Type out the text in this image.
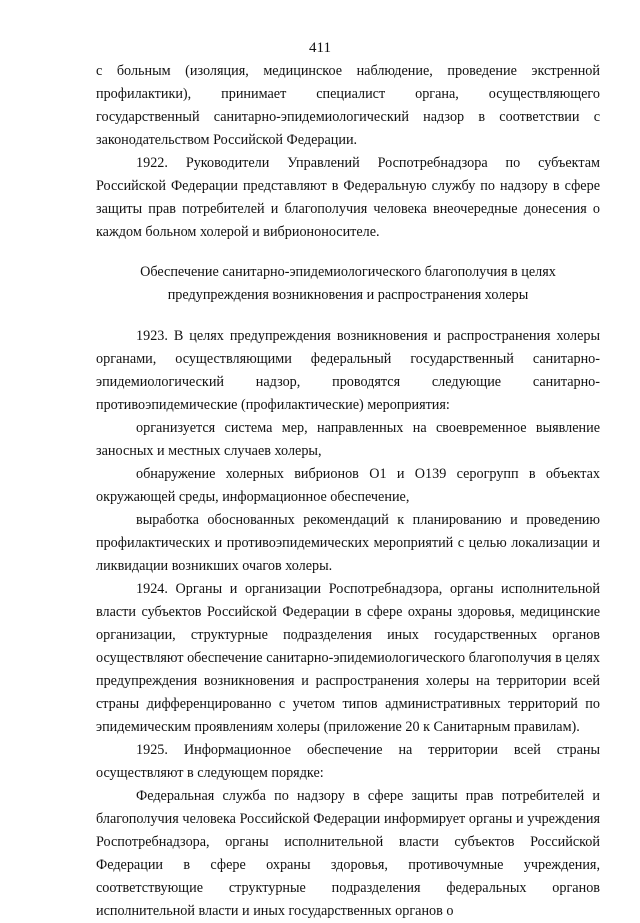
411

с больным (изоляция, медицинское наблюдение, проведение экстренной профилактики), принимает специалист органа, осуществляющего государственный санитарно-эпидемиологический надзор в соответствии с законодательством Российской Федерации.

1922. Руководители Управлений Роспотребнадзора по субъектам Российской Федерации представляют в Федеральную службу по надзору в сфере защиты прав потребителей и благополучия человека внеочередные донесения о каждом больном холерой и вибриононосителе.

Обеспечение санитарно-эпидемиологического благополучия в целях предупреждения возникновения и распространения холеры

1923. В целях предупреждения возникновения и распространения холеры органами, осуществляющими федеральный государственный санитарно-эпидемиологический надзор, проводятся следующие санитарно-противоэпидемические (профилактические) мероприятия:

организуется система мер, направленных на своевременное выявление заносных и местных случаев холеры,

обнаружение холерных вибрионов О1 и О139 серогрупп в объектах окружающей среды, информационное обеспечение,

выработка обоснованных рекомендаций к планированию и проведению профилактических и противоэпидемических мероприятий с целью локализации и ликвидации возникших очагов холеры.

1924. Органы и организации Роспотребнадзора, органы исполнительной власти субъектов Российской Федерации в сфере охраны здоровья, медицинские организации, структурные подразделения иных государственных органов осуществляют обеспечение санитарно-эпидемиологического благополучия в целях предупреждения возникновения и распространения холеры на территории всей страны дифференцированно с учетом типов административных территорий по эпидемическим проявлениям холеры (приложение 20 к Санитарным правилам).

1925. Информационное обеспечение на территории всей страны осуществляют в следующем порядке:

Федеральная служба по надзору в сфере защиты прав потребителей и благополучия человека Российской Федерации информирует органы и учреждения Роспотребнадзора, органы исполнительной власти субъектов Российской Федерации в сфере охраны здоровья, противочумные учреждения, соответствующие структурные подразделения федеральных органов исполнительной власти и иных государственных органов о
